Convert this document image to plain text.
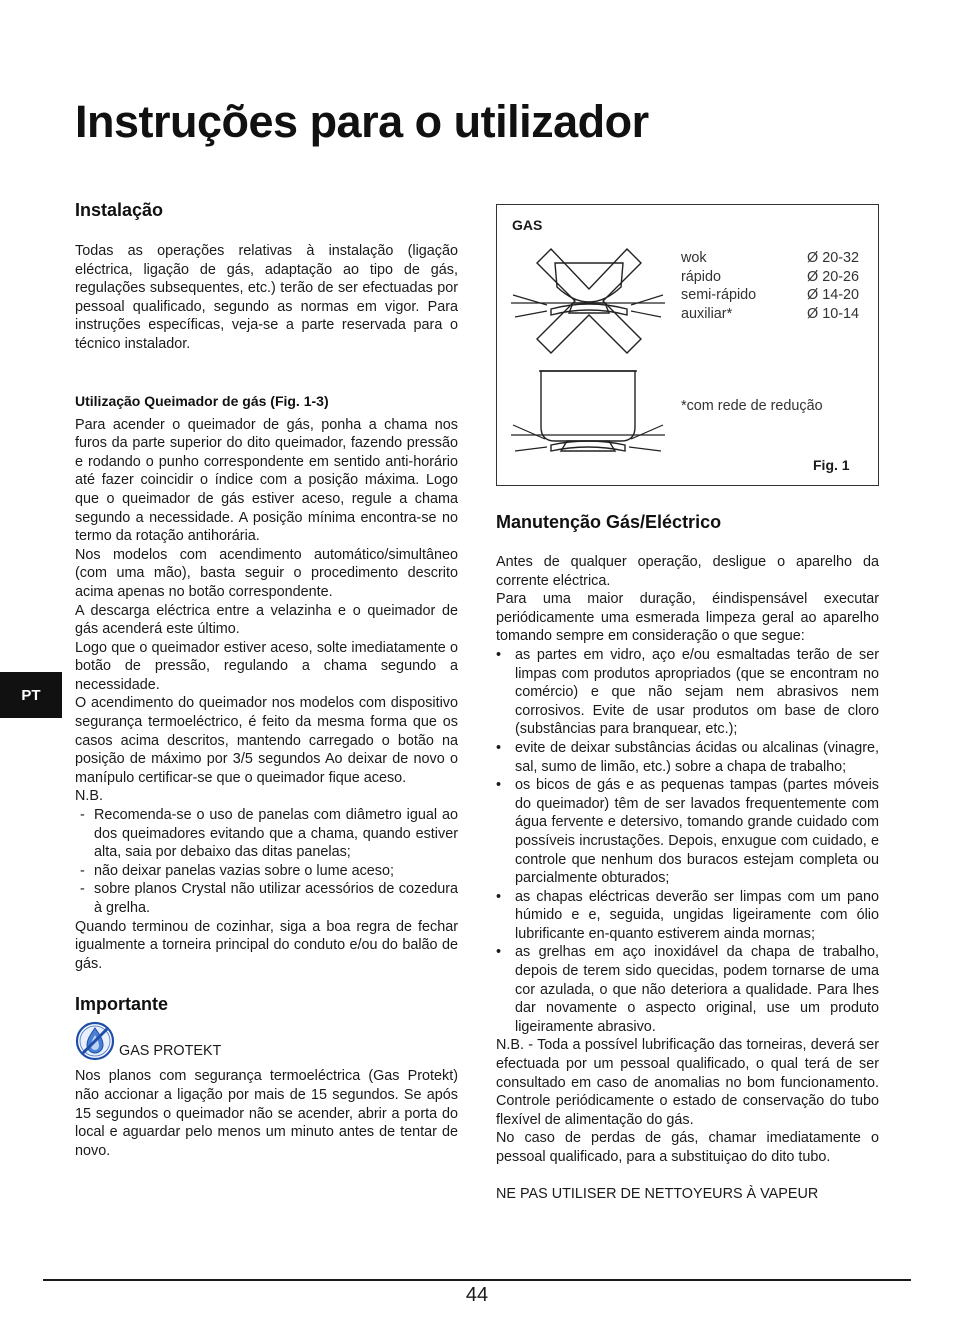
Instruções para o utilizador
PT
Instalação

Todas as operações relativas à instalação (ligação eléctrica, ligação de gás, adaptação ao tipo de gás, regulações subsequentes, etc.) terão de ser efectuadas por pessoal qualificado, segundo as normas em vigor. Para instruções específicas, veja-se a parte reservada para o técnico instalador.

Utilização Queimador de gás (Fig. 1-3)

Para acender o queimador de gás, ponha a chama nos furos da parte superior do dito queimador, fazendo pressão e rodando o punho correspondente em sentido anti-horário até fazer coincidir o índice com a posição máxima. Logo que o queimador de gás estiver aceso, regule a chama segundo a necessidade. A posição mínima encontra-se no termo da rotação antihorária.

Nos modelos com acendimento automático/simultâneo (com uma mão), basta seguir o procedimento descrito acima apenas no botão correspondente.

A descarga eléctrica entre a velazinha e o queimador de gás acenderá este último.

Logo que o queimador estiver aceso, solte imediatamente o botão de pressão, regulando a chama segundo a necessidade.

O acendimento do queimador nos modelos com dispositivo segurança termoeléctrico, é feito da mesma forma que os casos acima descritos, mantendo carregado o botão na posição de máximo por 3/5 segundos Ao deixar de novo o manípulo certificar-se que o queimador fique aceso.

N.B.

- Recomenda-se o uso de panelas com diâmetro igual ao dos queimadores evitando que a chama, quando estiver alta, saia por debaixo das ditas panelas;
- não deixar panelas vazias sobre o lume aceso;
- sobre planos Crystal não utilizar acessórios de cozedura à grelha.

Quando terminou de cozinhar, siga a boa regra de fechar igualmente a torneira principal do conduto e/ou do balão de gás.

Importante
GAS PROTEKT

Nos planos com segurança termoeléctrica (Gas Protekt) não accionar a ligação por mais de 15 segundos. Se após 15 segundos o queimador não se acender, abrir a porta do local e aguardar pelo menos um minuto antes de tentar de novo.

GAS
wok	Ø 20-32
rápido	Ø 20-26
semi-rápido	Ø 14-20
auxiliar*	Ø 10-14
*com rede de redução
Fig. 1
Manutenção Gás/Eléctrico

Antes de qualquer operação, desligue o aparelho da corrente eléctrica.

Para uma maior duração, éindispensável executar periódicamente uma esmerada limpeza geral ao aparelho tomando sempre em consideração o que segue:

• as partes em vidro, aço e/ou esmaltadas terão de ser limpas com produtos apropriados (que se encontram no comércio) e que não sejam nem abrasivos nem corrosivos. Evite de usar produtos om base de cloro (substâncias para branquear, etc.);
• evite de deixar substâncias ácidas ou alcalinas (vinagre, sal, sumo de limão, etc.) sobre a chapa de trabalho;
• os bicos de gás e as pequenas tampas (partes móveis do queimador) têm de ser lavados frequentemente com água fervente e detersivo, tomando grande cuidado com possíveis incrustações. Depois, enxugue com cuidado, e controle que nenhum dos buracos estejam completa ou parcialmente obturados;
• as chapas eléctricas deverão ser limpas com um pano húmido e e, seguida, ungidas ligeiramente com ólio lubrificante en-quanto estiverem ainda mornas;
• as grelhas em aço inoxidável da chapa de trabalho, depois de terem sido quecidas, podem tornarse de uma cor azulada, o que não deteriora a qualidade. Para lhes dar novamente o aspecto original, use um produto ligeiramente abrasivo.

N.B. - Toda a possível lubrificação das torneiras, deverá ser efectuada por um pessoal qualificado, o qual terá de ser consultado em caso de anomalias no bom funcionamento. Controle periódicamente o estado de conservação do tubo flexível de alimentação do gás.

No caso de perdas de gás, chamar imediatamente o pessoal qualificado, para a substituiçao do dito tubo.

NE PAS UTILISER DE NETTOYEURS À VAPEUR

44
